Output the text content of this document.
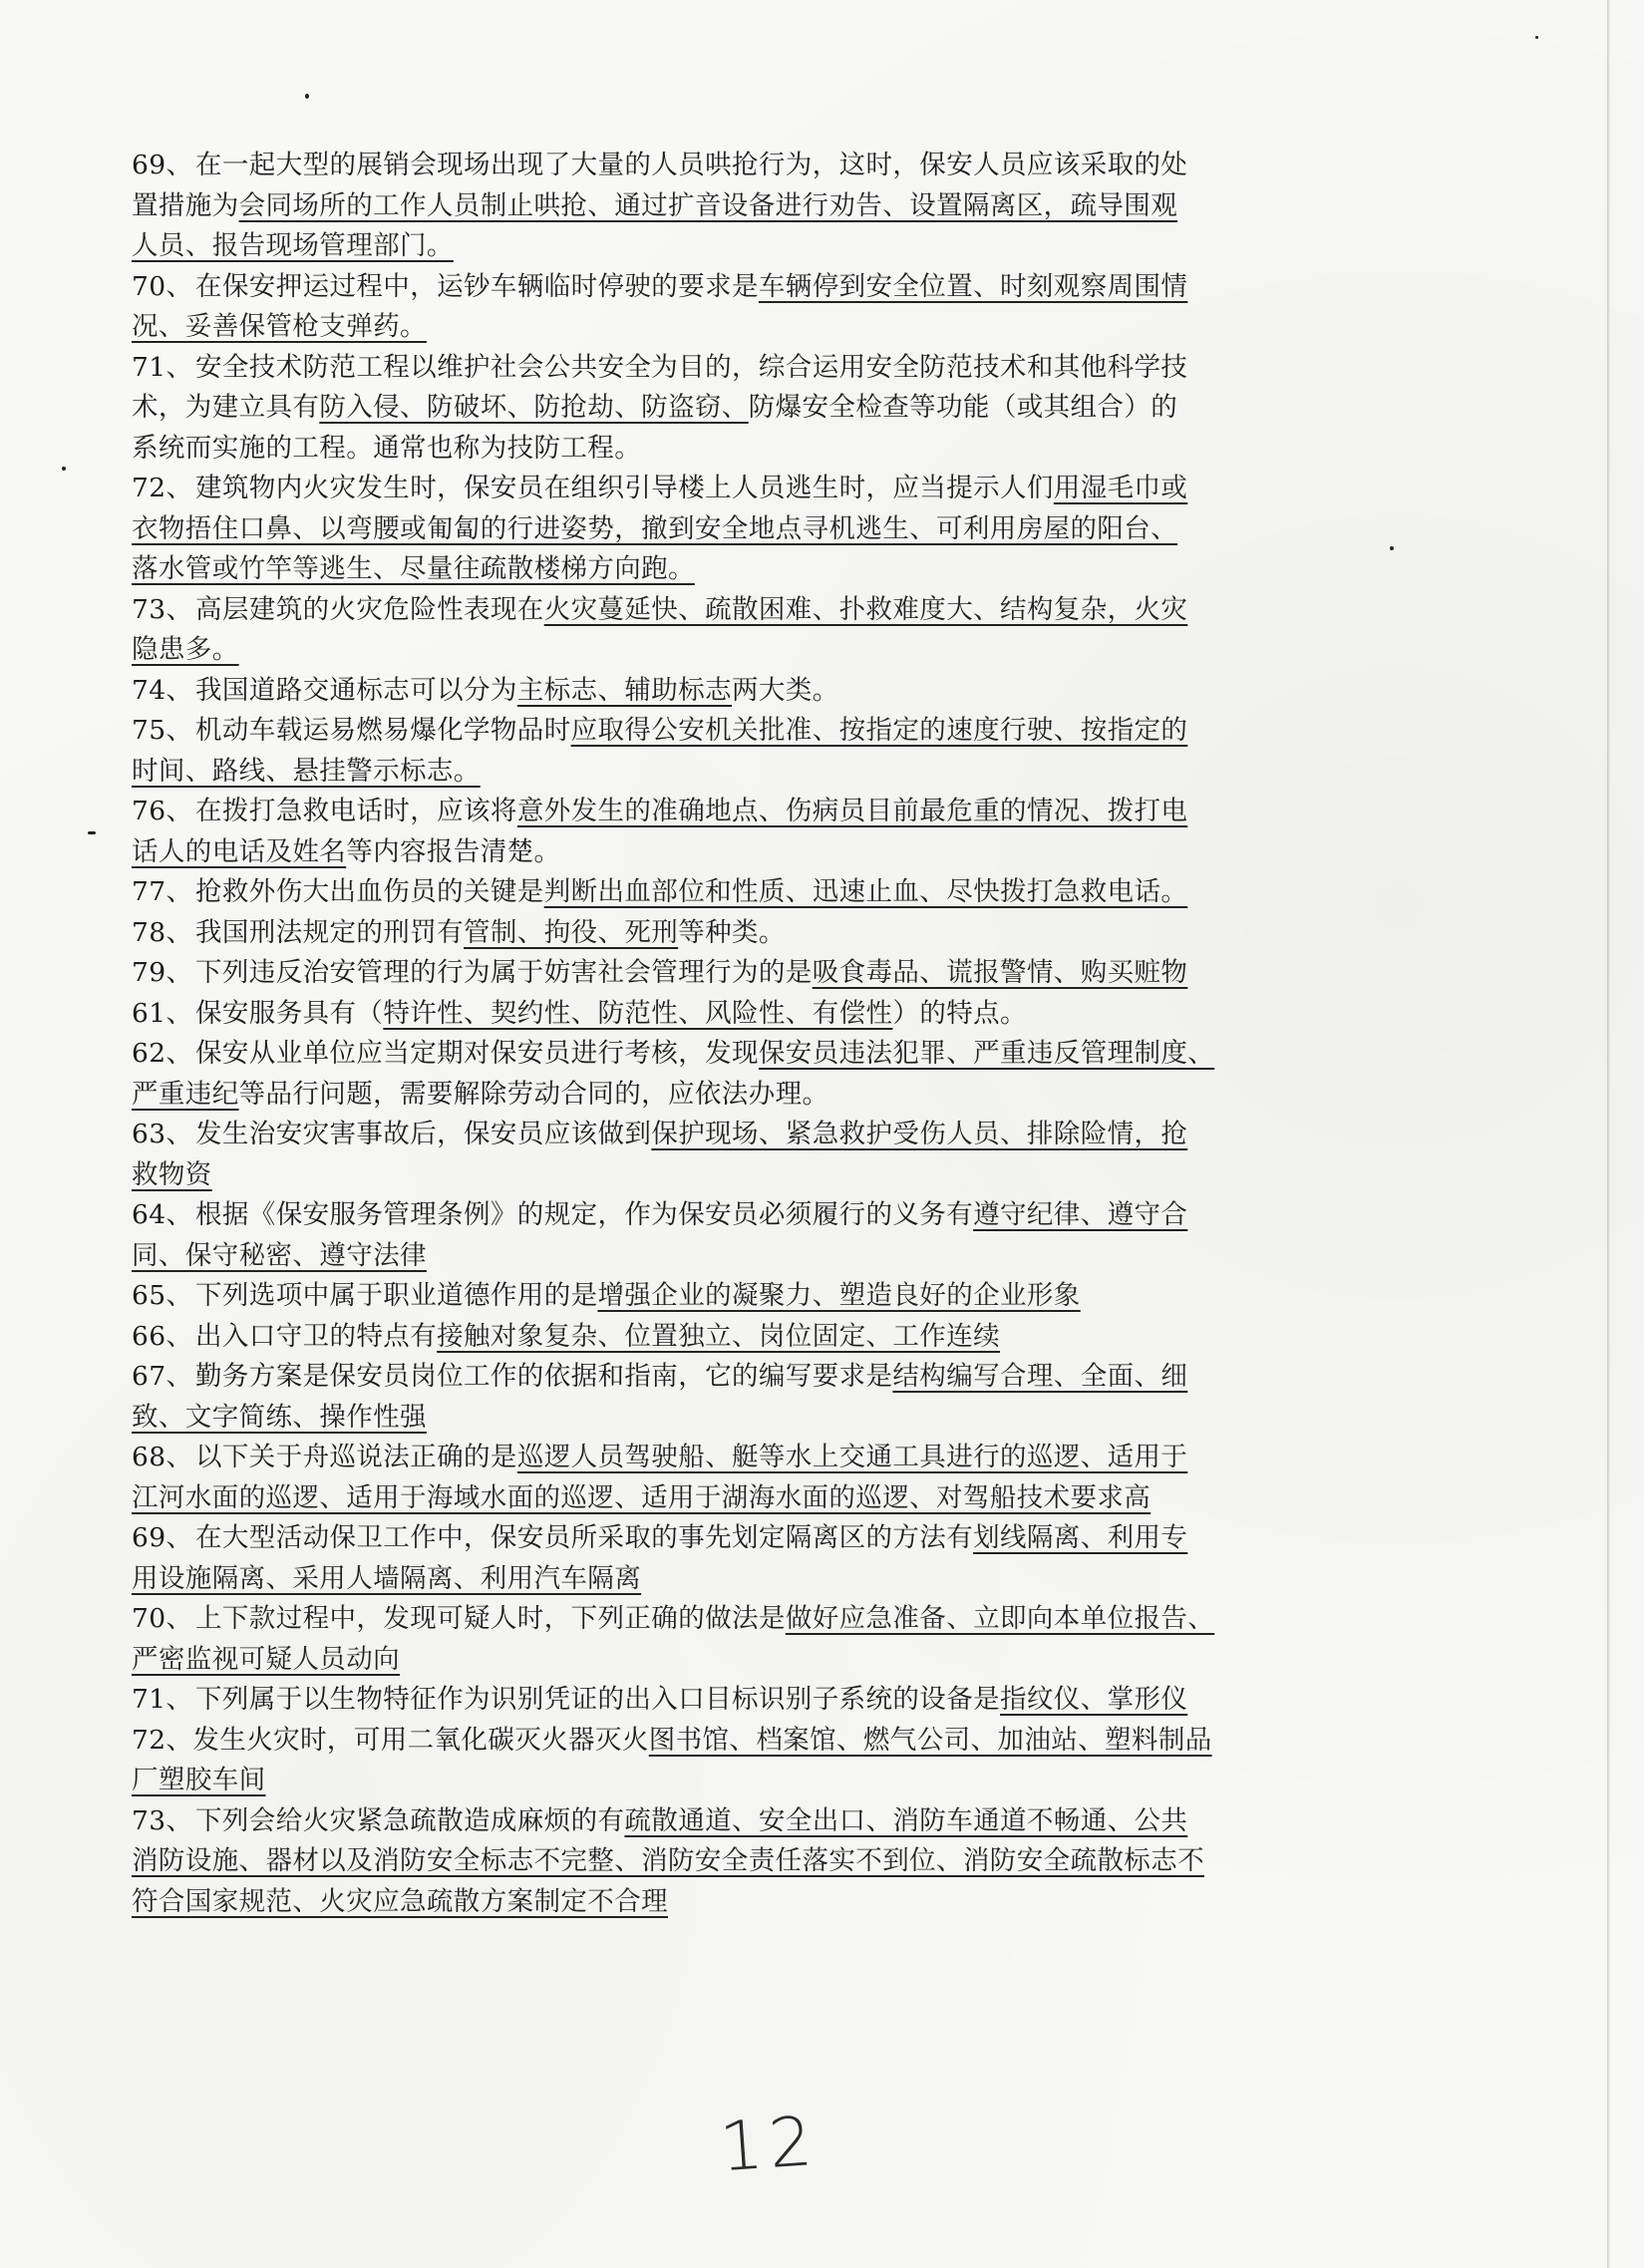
69、在一起大型的展销会现场出现了大量的人员哄抢行为，这时，保安人员应该采取的处
置措施为会同场所的工作人员制止哄抢、通过扩音设备进行劝告、设置隔离区，疏导围观
人员、报告现场管理部门。
70、在保安押运过程中，运钞车辆临时停驶的要求是车辆停到安全位置、时刻观察周围情
况、妥善保管枪支弹药。
71、安全技术防范工程以维护社会公共安全为目的，综合运用安全防范技术和其他科学技
术，为建立具有防入侵、防破坏、防抢劫、防盗窃、防爆安全检查等功能（或其组合）的
系统而实施的工程。通常也称为技防工程。
72、建筑物内火灾发生时，保安员在组织引导楼上人员逃生时，应当提示人们用湿毛巾或
衣物捂住口鼻、以弯腰或匍匐的行进姿势，撤到安全地点寻机逃生、可利用房屋的阳台、
落水管或竹竿等逃生、尽量往疏散楼梯方向跑。
73、高层建筑的火灾危险性表现在火灾蔓延快、疏散困难、扑救难度大、结构复杂，火灾
隐患多。
74、我国道路交通标志可以分为主标志、辅助标志两大类。
75、机动车载运易燃易爆化学物品时应取得公安机关批准、按指定的速度行驶、按指定的
时间、路线、悬挂警示标志。
76、在拨打急救电话时，应该将意外发生的准确地点、伤病员目前最危重的情况、拨打电
话人的电话及姓名等内容报告清楚。
77、抢救外伤大出血伤员的关键是判断出血部位和性质、迅速止血、尽快拨打急救电话。
78、我国刑法规定的刑罚有管制、拘役、死刑等种类。
79、下列违反治安管理的行为属于妨害社会管理行为的是吸食毒品、谎报警情、购买赃物
61、保安服务具有（特许性、契约性、防范性、风险性、有偿性）的特点。
62、保安从业单位应当定期对保安员进行考核，发现保安员违法犯罪、严重违反管理制度、
严重违纪等品行问题，需要解除劳动合同的，应依法办理。
63、发生治安灾害事故后，保安员应该做到保护现场、紧急救护受伤人员、排除险情，抢
救物资
64、根据《保安服务管理条例》的规定，作为保安员必须履行的义务有遵守纪律、遵守合
同、保守秘密、遵守法律
65、下列选项中属于职业道德作用的是增强企业的凝聚力、塑造良好的企业形象
66、出入口守卫的特点有接触对象复杂、位置独立、岗位固定、工作连续
67、勤务方案是保安员岗位工作的依据和指南，它的编写要求是结构编写合理、全面、细
致、文字简练、操作性强
68、以下关于舟巡说法正确的是巡逻人员驾驶船、艇等水上交通工具进行的巡逻、适用于
江河水面的巡逻、适用于海域水面的巡逻、适用于湖海水面的巡逻、对驾船技术要求高
69、在大型活动保卫工作中，保安员所采取的事先划定隔离区的方法有划线隔离、利用专
用设施隔离、采用人墙隔离、利用汽车隔离
70、上下款过程中，发现可疑人时，下列正确的做法是做好应急准备、立即向本单位报告、
严密监视可疑人员动向
71、下列属于以生物特征作为识别凭证的出入口目标识别子系统的设备是指纹仪、掌形仪
72、发生火灾时，可用二氧化碳灭火器灭火图书馆、档案馆、燃气公司、加油站、塑料制品
厂塑胶车间
73、下列会给火灾紧急疏散造成麻烦的有疏散通道、安全出口、消防车通道不畅通、公共
消防设施、器材以及消防安全标志不完整、消防安全责任落实不到位、消防安全疏散标志不
符合国家规范、火灾应急疏散方案制定不合理
12
